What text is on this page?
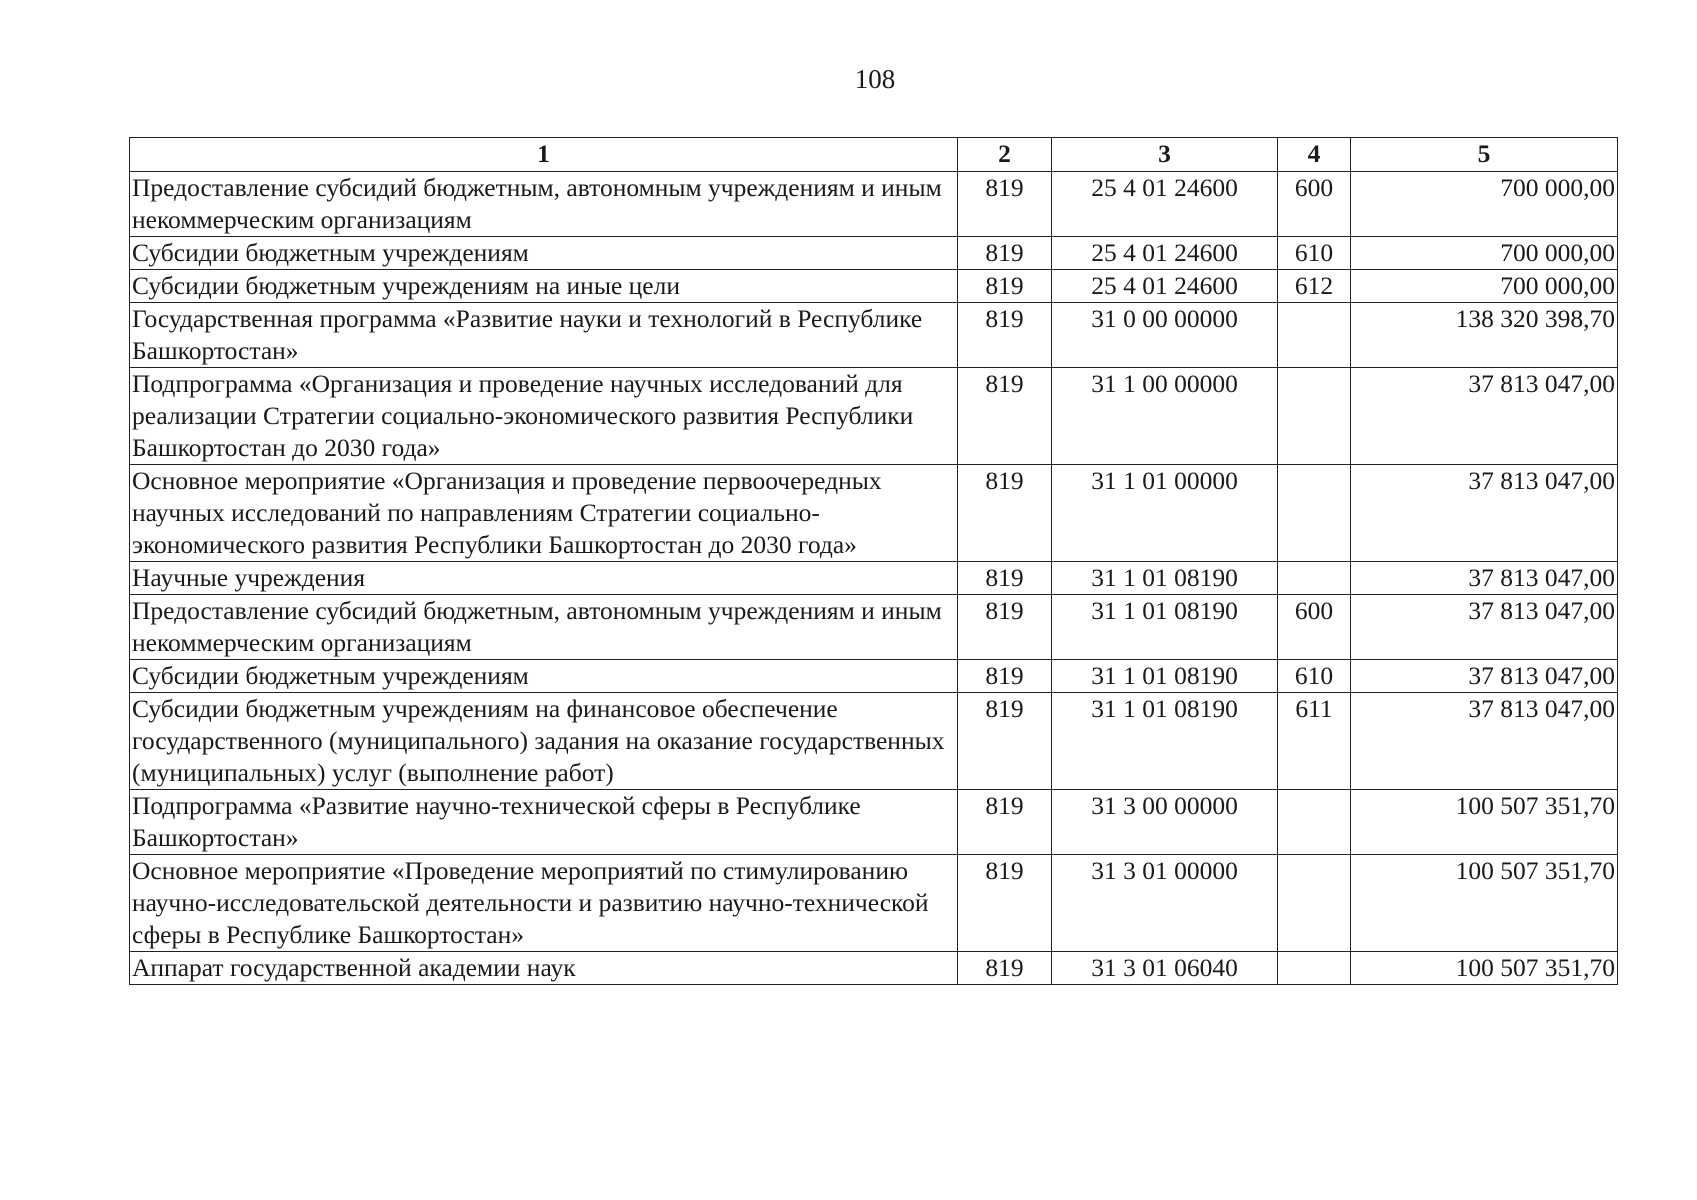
108
1	2	3	4	5
Предоставление субсидий бюджетным, автономным учреждениям и иным некоммерческим организациям	819	25 4 01 24600	600	700 000,00
Субсидии бюджетным учреждениям	819	25 4 01 24600	610	700 000,00
Субсидии бюджетным учреждениям на иные цели	819	25 4 01 24600	612	700 000,00
Государственная программа «Развитие науки и технологий в Республике Башкортостан»	819	31 0 00 00000		138 320 398,70
Подпрограмма «Организация и проведение научных исследований для реализации Стратегии социально-экономического развития Республики Башкортостан до 2030 года»	819	31 1 00 00000		37 813 047,00
Основное мероприятие «Организация и проведение первоочередных научных исследований по направлениям Стратегии социально-экономического развития Республики Башкортостан до 2030 года»	819	31 1 01 00000		37 813 047,00
Научные учреждения	819	31 1 01 08190		37 813 047,00
Предоставление субсидий бюджетным, автономным учреждениям и иным некоммерческим организациям	819	31 1 01 08190	600	37 813 047,00
Субсидии бюджетным учреждениям	819	31 1 01 08190	610	37 813 047,00
Субсидии бюджетным учреждениям на финансовое обеспечение государственного (муниципального) задания на оказание государственных (муниципальных) услуг (выполнение работ)	819	31 1 01 08190	611	37 813 047,00
Подпрограмма «Развитие научно-технической сферы в Республике Башкортостан»	819	31 3 00 00000		100 507 351,70
Основное мероприятие «Проведение мероприятий по стимулированию научно-исследовательской деятельности и развитию научно-технической сферы в Республике Башкортостан»	819	31 3 01 00000		100 507 351,70
Аппарат государственной академии наук	819	31 3 01 06040		100 507 351,70
